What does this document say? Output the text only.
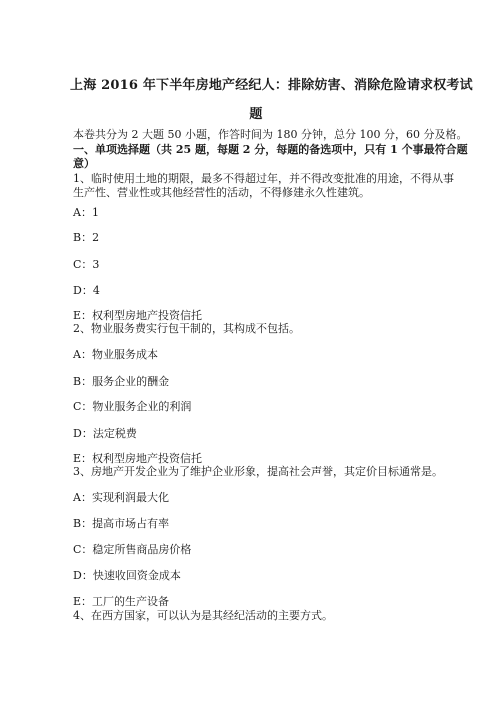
上海 2016 年下半年房地产经纪人：排除妨害、消除危险请求权考试
题
本卷共分为 2 大题 50 小题，作答时间为 180 分钟，总分 100 分，60 分及格。
一、单项选择题（共 25 题，每题 2 分，每题的备选项中，只有 1 个事最符合题
意）
1、临时使用土地的期限，最多不得超过年，并不得改变批准的用途，不得从事
生产性、营业性或其他经营性的活动，不得修建永久性建筑。
A：1
B：2
C：3
D：4
E：权利型房地产投资信托
2、物业服务费实行包干制的，其构成不包括。
A：物业服务成本
B：服务企业的酬金
C：物业服务企业的利润
D：法定税费
E：权利型房地产投资信托
3、房地产开发企业为了维护企业形象，提高社会声誉，其定价目标通常是。
A：实现利润最大化
B：提高市场占有率
C：稳定所售商品房价格
D：快速收回资金成本
E：工厂的生产设备
4、在西方国家，可以认为是其经纪活动的主要方式。
